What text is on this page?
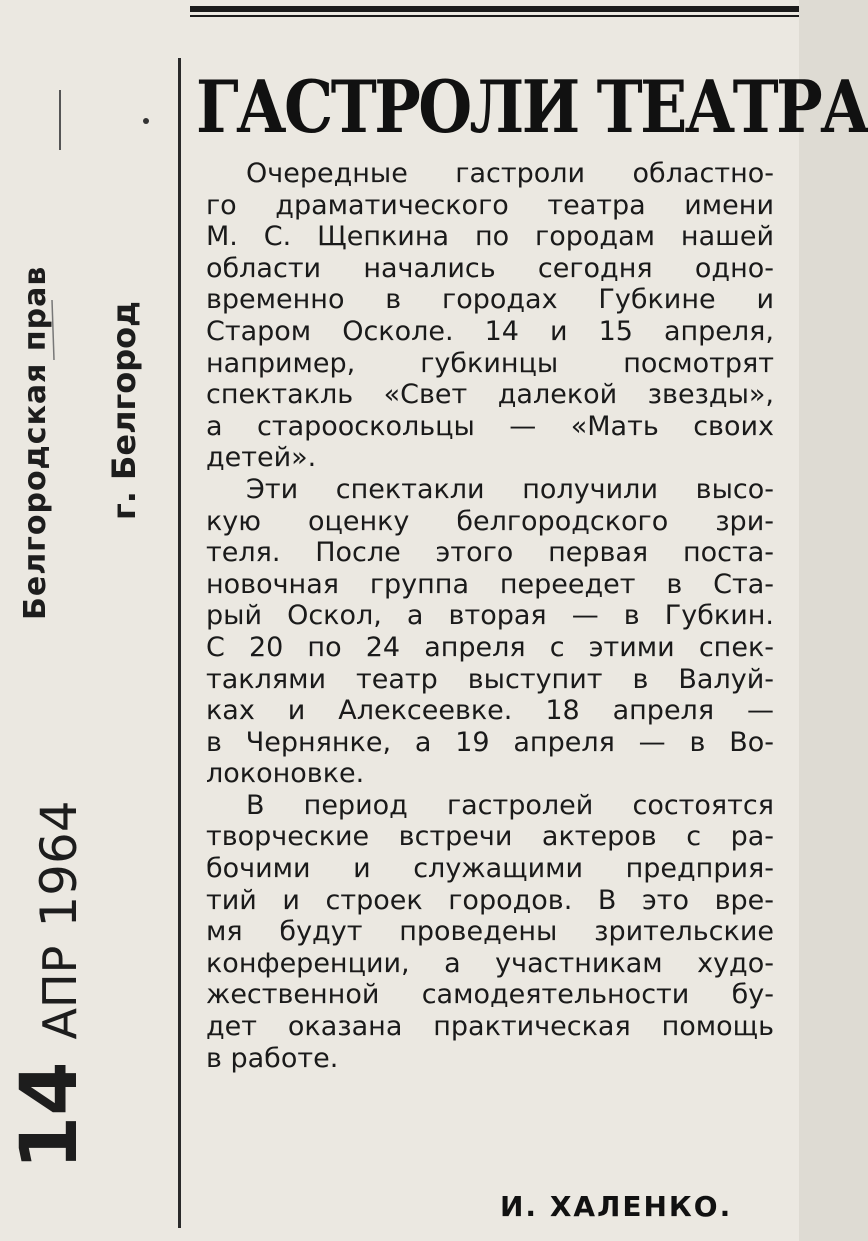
Белгородская прав г. Белгород
14АПР1964
ГАСТРОЛИ ТЕАТРА
Очередные гастроли областно-
го драматического театра имени
М. С. Щепкина по городам нашей
области начались сегодня одно-
временно в городах Губкине и
Старом Осколе. 14 и 15 апреля,
например, губкинцы посмотрят
спектакль «Свет далекой звезды»,
а староoскольцы — «Мать своих
детей».
Эти спектакли получили высо-
кую оценку белгородского зри-
теля. После этого первая поста-
новочная группа переедет в Ста-
рый Оскол, а вторая — в Губкин.
С 20 по 24 апреля с этими спек-
таклями театр выступит в Валуй-
ках и Алексеевке. 18 апреля —
в Чернянке, а 19 апреля — в Во-
локоновке.
В период гастролей состоятся
творческие встречи актеров с ра-
бочими и служащими предприя-
тий и строек городов. В это вре-
мя будут проведены зрительские
конференции, а участникам худо-
жественной самодеятельности бу-
дет оказана практическая помощь
в работе.
И. ХАЛЕНКО.
